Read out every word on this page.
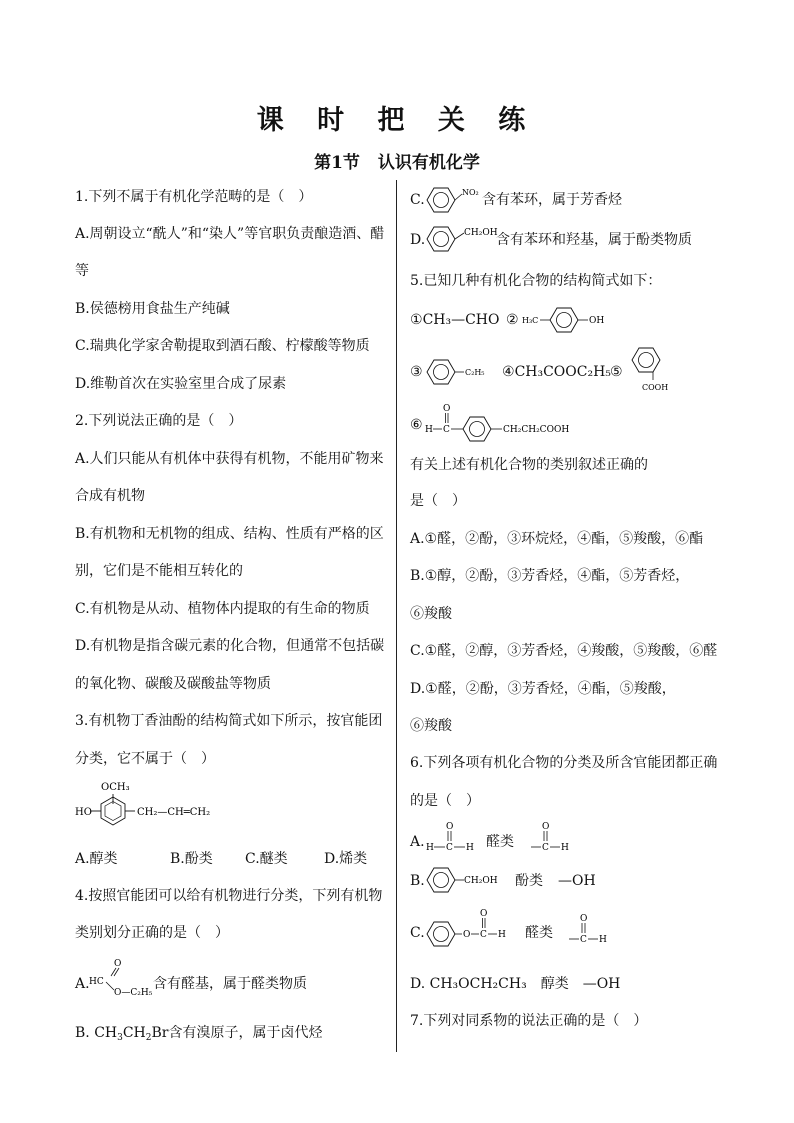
课 时 把 关 练
第1节 认识有机化学
1.下列不属于有机化学范畴的是（　）
A.周朝设立“酰人”和“染人”等官职负责酿造酒、醋
等
B.侯德榜用食盐生产纯碱
C.瑞典化学家舍勒提取到酒石酸、柠檬酸等物质
D.维勒首次在实验室里合成了尿素
2.下列说法正确的是（　）
A.人们只能从有机体中获得有机物，不能用矿物来
合成有机物
B.有机物和无机物的组成、结构、性质有严格的区
别，它们是不能相互转化的
C.有机物是从动、植物体内提取的有生命的物质
D.有机物是指含碳元素的化合物，但通常不包括碳
的氧化物、碳酸及碳酸盐等物质
3.有机物丁香油酚的结构简式如下所示，按官能团
分类，它不属于（　）
OCH₃
HO	CH₂—CH═CH₂
A.醇类	B.酚类 C.醚类	D.烯类
4.按照官能团可以给有机物进行分类，下列有机物
类别划分正确的是（　）
A.
O
HC
O—C₂H₅
含有醛基，属于醛类物质
B. $CH_3CH_2Br$含有溴原子，属于卤代烃
C.	NO₂ 含有苯环，属于芳香烃
D.	CH₂OH
含有苯环和羟基，属于酚类物质
5.已知几种有机化合物的结构简式如下：
①CH₃—CHO ② H₃C	OH
③	C₂H₅ ④CH₃COOC₂H₅ ⑤
COOH
⑥ H C
O
CH₂CH₂COOH
有关上述有机化合物的类别叙述正确的
是（　）
A.①醛，②酚，③环烷烃，④酯，⑤羧酸，⑥酯
B.①醇，②酚，③芳香烃，④酯，⑤芳香烃，
⑥羧酸
C.①醛，②醇，③芳香烃，④羧酸，⑤羧酸，⑥醛
D.①醛，②酚，③芳香烃，④酯，⑤羧酸，
⑥羧酸
6.下列各项有机化合物的分类及所含官能团都正确
的是（　）
A.
O
H C H 醛类
O
C H
B.	CH₂OH 酚类 —OH
C.	O C
O
H 醛类
O
C H
D. CH₃OCH₂CH₃　醇类　—OH
7.下列对同系物的说法正确的是（　）
